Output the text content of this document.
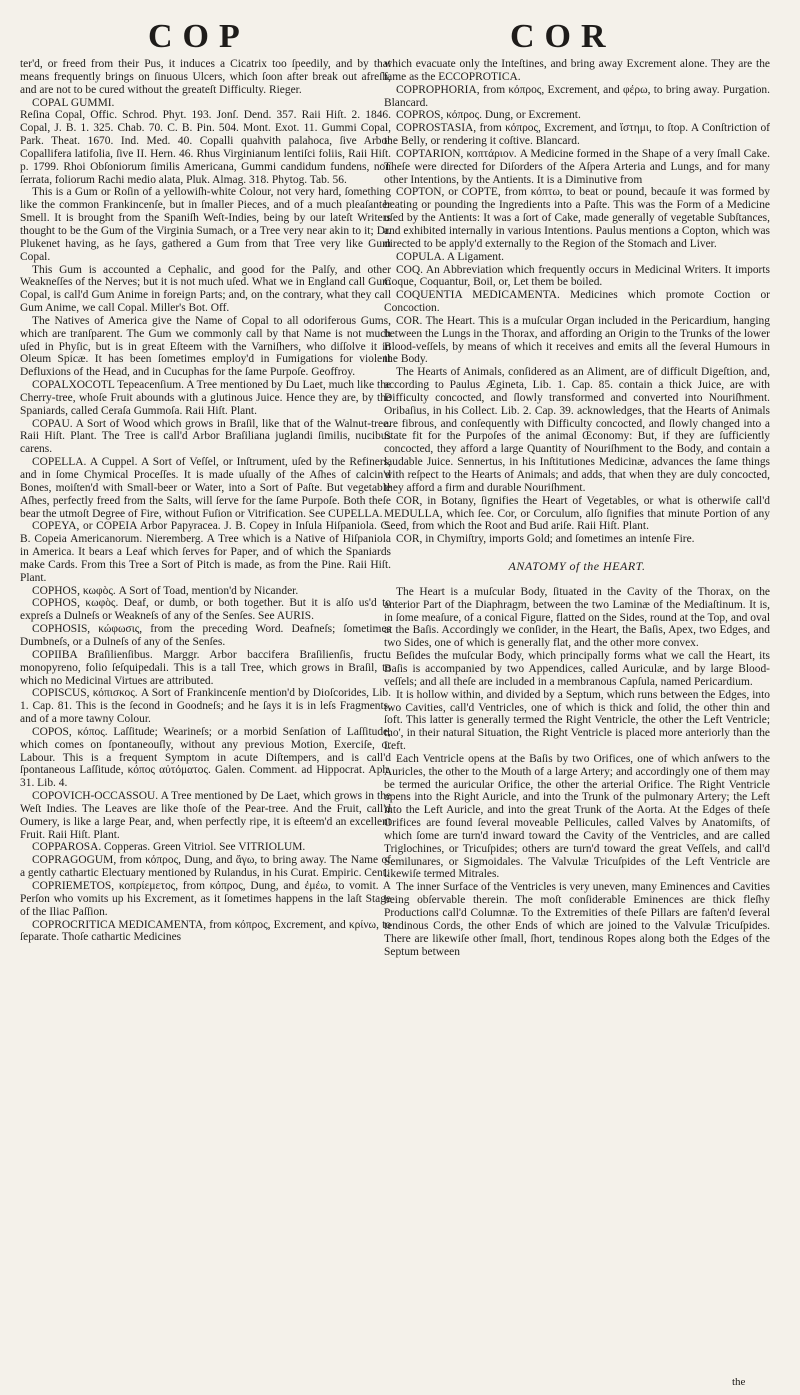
COP	COR

ter'd, or freed from their Pus, it induces a Cicatrix too ſpeedily, and by that means frequently brings on ſinuous Ulcers, which ſoon after break out afreſh, and are not to be cured without the greateſt Difficulty. Rieger.

COPAL GUMMI.

Reſina Copal, Offic. Schrod. Phyt. 193. Jonſ. Dend. 357. Raii Hiſt. 2. 1846. Copal, J. B. 1. 325. Chab. 70. C. B. Pin. 504. Mont. Exot. 11. Gummi Copal, Park. Theat. 1670. Ind. Med. 40. Copalli quahvith palahoca, ſive Arbor Copallifera latifolia, ſive II. Hern. 46. Rhus Virginianum lentiſci foliis, Raii Hiſt. p. 1799. Rhoi Obſoniorum ſimilis Americana, Gummi candidum fundens, non ſerrata, foliorum Rachi medio alata, Pluk. Almag. 318. Phytog. Tab. 56.

This is a Gum or Roſin of a yellowiſh-white Colour, not very hard, ſomething like the common Frankincenſe, but in ſmaller Pieces, and of a much pleaſanter Smell. It is brought from the Spaniſh Weſt-Indies, being by our lateſt Writers thought to be the Gum of the Virginia Sumach, or a Tree very near akin to it; Dr. Plukenet having, as he ſays, gathered a Gum from that Tree very like Gum Copal.

This Gum is accounted a Cephalic, and good for the Palſy, and other Weakneſſes of the Nerves; but it is not much uſed. What we in England call Gum Copal, is call'd Gum Anime in foreign Parts; and, on the contrary, what they call Gum Anime, we call Copal. Miller's Bot. Off.

The Natives of America give the Name of Copal to all odoriferous Gums, which are tranſparent. The Gum we commonly call by that Name is not much uſed in Phyſic, but is in great Eſteem with the Varniſhers, who diſſolve it in Oleum Spicæ. It has been ſometimes employ'd in Fumigations for violent Defluxions of the Head, and in Cucuphas for the ſame Purpoſe. Geoffroy.

COPALXOCOTL Tepeacenſium. A Tree mentioned by Du Laet, much like the Cherry-tree, whoſe Fruit abounds with a glutinous Juice. Hence they are, by the Spaniards, called Ceraſa Gummoſa. Raii Hiſt. Plant.

COPAU. A Sort of Wood which grows in Braſil, like that of the Walnut-tree. Raii Hiſt. Plant. The Tree is call'd Arbor Braſiliana juglandi ſimilis, nucibus carens.

COPELLA. A Cuppel. A Sort of Veſſel, or Inſtrument, uſed by the Refiners, and in ſome Chymical Proceſſes. It is made uſually of the Aſhes of calcin'd Bones, moiſten'd with Small-beer or Water, into a Sort of Paſte. But vegetable Aſhes, perfectly freed from the Salts, will ſerve for the ſame Purpoſe. Both theſe bear the utmoſt Degree of Fire, without Fuſion or Vitrification. See CUPELLA.

COPEYA, or COPEIA Arbor Papyracea. J. B. Copey in Inſula Hiſpaniola. C. B. Copeia Americanorum. Nieremberg. A Tree which is a Native of Hiſpaniola in America. It bears a Leaf which ſerves for Paper, and of which the Spaniards make Cards. From this Tree a Sort of Pitch is made, as from the Pine. Raii Hiſt. Plant.

COPHOS, κωφὸς. A Sort of Toad, mention'd by Nicander.

COPHOS, κωφὸς. Deaf, or dumb, or both together. But it is alſo us'd to expreſs a Dulneſs or Weakneſs of any of the Senſes. See AURIS.

COPHOSIS, κώφωσις, from the preceding Word. Deafneſs; ſometimes Dumbneſs, or a Dulneſs of any of the Senſes.

COPIIBA Braſilienſibus. Marggr. Arbor baccifera Braſilienſis, fructu monopyreno, folio ſeſquipedali. This is a tall Tree, which grows in Braſil, to which no Medicinal Virtues are attributed.

COPISCUS, κόπισκος. A Sort of Frankincenſe mention'd by Dioſcorides, Lib. 1. Cap. 81. This is the ſecond in Goodneſs; and he ſays it is in leſs Fragments, and of a more tawny Colour.

COPOS, κόπος. Laſſitude; Wearineſs; or a morbid Senſation of Laſſitude, which comes on ſpontaneouſly, without any previous Motion, Exerciſe, or Labour. This is a frequent Symptom in acute Diſtempers, and is call'd ſpontaneous Laſſitude, κόπος αὐτόματος. Galen. Comment. ad Hippocrat. Aph. 31. Lib. 4.

COPOVICH-OCCASSOU. A Tree mentioned by De Laet, which grows in the Weſt Indies. The Leaves are like thoſe of the Pear-tree. And the Fruit, call'd Oumery, is like a large Pear, and, when perfectly ripe, it is eſteem'd an excellent Fruit. Raii Hiſt. Plant.

COPPAROSA. Copperas. Green Vitriol. See VITRIOLUM.

COPRAGOGUM, from κόπρος, Dung, and ἄγω, to bring away. The Name of a gently cathartic Electuary mentioned by Rulandus, in his Curat. Empiric. Cent.

COPRIEMETOS, κοπρίεμετος, from κόπρος, Dung, and ἐμέω, to vomit. A Perſon who vomits up his Excrement, as it ſometimes happens in the laſt Stage of the Iliac Paſſion.

COPROCRITICA MEDICAMENTA, from κόπρος, Excrement, and κρίνω, to ſeparate. Thoſe cathartic Medicines

which evacuate only the Inteſtines, and bring away Excrement alone. They are the ſame as the ECCOPROTICA.

COPROPHORIA, from κόπρος, Excrement, and φέρω, to bring away. Purgation. Blancard.

COPROS, κόπρος. Dung, or Excrement.

COPROSTASIA, from κόπρος, Excrement, and ἵστημι, to ſtop. A Conſtriction of the Belly, or rendering it coſtive. Blancard.

COPTARION, κοπτάριον. A Medicine formed in the Shape of a very ſmall Cake. Theſe were directed for Diſorders of the Aſpera Arteria and Lungs, and for many other Intentions, by the Antients. It is a Diminutive from

COPTON, or COPTE, from κόπτω, to beat or pound, becauſe it was formed by beating or pounding the Ingredients into a Paſte. This was the Form of a Medicine uſed by the Antients: It was a ſort of Cake, made generally of vegetable Subſtances, and exhibited internally in various Intentions. Paulus mentions a Copton, which was directed to be apply'd externally to the Region of the Stomach and Liver.

COPULA. A Ligament.

COQ. An Abbreviation which frequently occurs in Medicinal Writers. It imports Coque, Coquantur, Boil, or, Let them be boiled.

COQUENTIA MEDICAMENTA. Medicines which promote Coction or Concoction.

COR. The Heart. This is a muſcular Organ included in the Pericardium, hanging between the Lungs in the Thorax, and affording an Origin to the Trunks of the lower Blood-veſſels, by means of which it receives and emits all the ſeveral Humours in the Body.

The Hearts of Animals, conſidered as an Aliment, are of difficult Digeſtion, and, according to Paulus Ægineta, Lib. 1. Cap. 85. contain a thick Juice, are with Difficulty concocted, and ſlowly transformed and converted into Nouriſhment. Oribaſius, in his Collect. Lib. 2. Cap. 39. acknowledges, that the Hearts of Animals are fibrous, and conſequently with Difficulty concocted, and ſlowly changed into a State fit for the Purpoſes of the animal Œconomy: But, if they are ſufficiently concocted, they afford a large Quantity of Nouriſhment to the Body, and contain a laudable Juice. Sennertus, in his Inſtitutiones Medicinæ, advances the ſame things with reſpect to the Hearts of Animals; and adds, that when they are duly concocted, they afford a firm and durable Nouriſhment.

COR, in Botany, ſignifies the Heart of Vegetables, or what is otherwiſe call'd MEDULLA, which ſee. Cor, or Corculum, alſo ſignifies that minute Portion of any Seed, from which the Root and Bud ariſe. Raii Hiſt. Plant.

COR, in Chymiſtry, imports Gold; and ſometimes an intenſe Fire.

ANATOMY of the HEART.

The Heart is a muſcular Body, ſituated in the Cavity of the Thorax, on the anterior Part of the Diaphragm, between the two Laminæ of the Mediaſtinum. It is, in ſome meaſure, of a conical Figure, flatted on the Sides, round at the Top, and oval at the Baſis. Accordingly we conſider, in the Heart, the Baſis, Apex, two Edges, and two Sides, one of which is generally flat, and the other more convex.

Beſides the muſcular Body, which principally forms what we call the Heart, its Baſis is accompanied by two Appendices, called Auriculæ, and by large Blood-veſſels; and all theſe are included in a membranous Capſula, named Pericardium.

It is hollow within, and divided by a Septum, which runs between the Edges, into two Cavities, call'd Ventricles, one of which is thick and ſolid, the other thin and ſoft. This latter is generally termed the Right Ventricle, the other the Left Ventricle; tho', in their natural Situation, the Right Ventricle is placed more anteriorly than the Left.

Each Ventricle opens at the Baſis by two Orifices, one of which anſwers to the Auricles, the other to the Mouth of a large Artery; and accordingly one of them may be termed the auricular Orifice, the other the arterial Orifice. The Right Ventricle opens into the Right Auricle, and into the Trunk of the pulmonary Artery; the Left into the Left Auricle, and into the great Trunk of the Aorta. At the Edges of theſe Orifices are found ſeveral moveable Pellicules, called Valves by Anatomiſts, of which ſome are turn'd inward toward the Cavity of the Ventricles, and are called Triglochines, or Tricuſpides; others are turn'd toward the great Veſſels, and call'd Semilunares, or Sigmoidales. The Valvulæ Tricuſpides of the Left Ventricle are likewiſe termed Mitrales.

The inner Surface of the Ventricles is very uneven, many Eminences and Cavities being obſervable therein. The moſt conſiderable Eminences are thick fleſhy Productions call'd Columnæ. To the Extremities of theſe Pillars are faſten'd ſeveral tendinous Cords, the other Ends of which are joined to the Valvulæ Tricuſpides. There are likewiſe other ſmall, ſhort, tendinous Ropes along both the Edges of the Septum between

the
